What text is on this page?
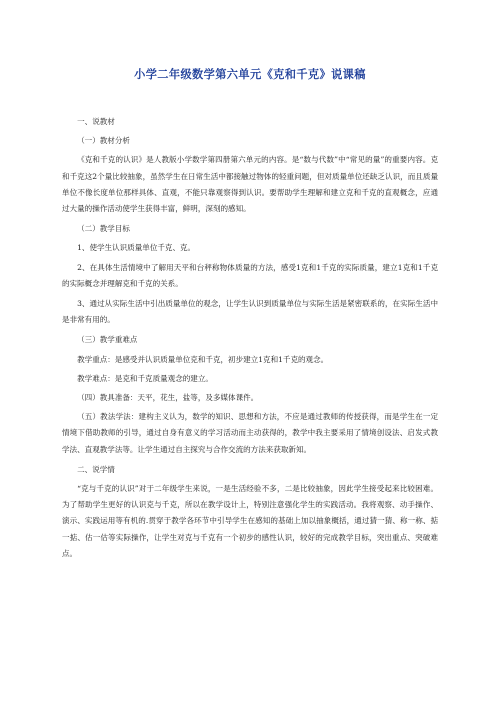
小学二年级数学第六单元《克和千克》说课稿
一、说教材
（一）教材分析
《克和千克的认识》是人教版小学数学第四册第六单元的内容。是“数与代数”中“常见的量”的重要内容。克和千克这2个量比较抽象，虽然学生在日常生活中都接触过物体的轻重问题，但对质量单位还缺乏认识，而且质量单位不像长度单位那样具体、直观，不能只靠观察得到认识。要帮助学生理解和建立克和千克的直观概念，应通过大量的操作活动使学生获得丰富，鲜明，深刻的感知。
（二）教学目标
1、使学生认识质量单位千克、克。
2、在具体生活情境中了解用天平和台秤称物体质量的方法，感受1克和1千克的实际质量，建立1克和1千克的实际概念并理解克和千克的关系。
3、通过从实际生活中引出质量单位的观念，让学生认识到质量单位与实际生活是紧密联系的，在实际生活中是非常有用的。
（三）教学重难点
教学重点：是感受并认识质量单位克和千克，初步建立1克和1千克的观念。
教学难点：是克和千克质量观念的建立。
（四）教具准备：天平，花生，盐等，及多媒体课件。
（五）教法学法：建构主义认为，数学的知识、思想和方法，不应是通过教师的传授获得，而是学生在一定情境下借助教师的引导，通过自身有意义的学习活动而主动获得的，教学中我主要采用了情境创设法、启发式教学法、直观教学法等。让学生通过自主探究与合作交流的方法来获取新知。
二、说学情
“克与千克的认识”对于二年级学生来说，一是生活经验不多，二是比较抽象，因此学生接受起来比较困难。为了帮助学生更好的认识克与千克，所以在教学设计上，特别注意强化学生的实践活动。我将观察、动手操作、演示、实践运用等有机的.贯穿于教学各环节中引导学生在感知的基础上加以抽象概括，通过猜一猜、称一称、掂一掂、估一估等实际操作，让学生对克与千克有一个初步的感性认识，较好的完成教学目标，突出重点、突破难点。
